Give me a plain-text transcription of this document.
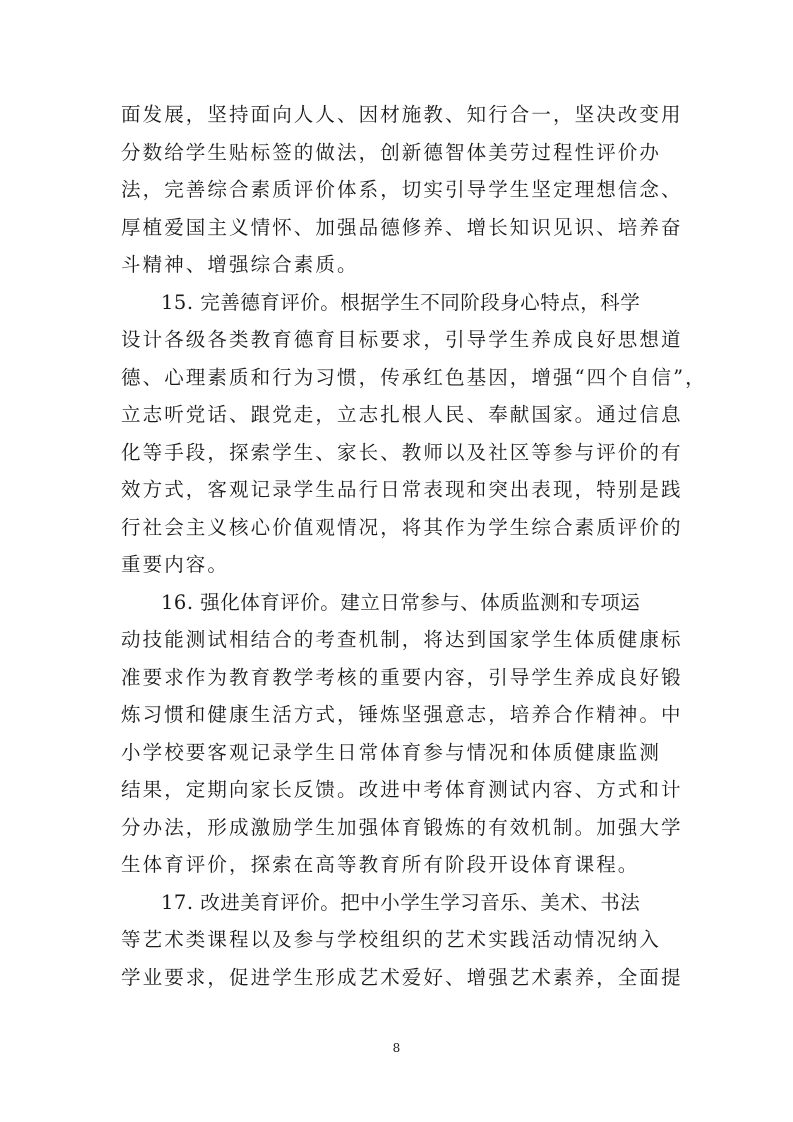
面发展，坚持面向人人、因材施教、知行合一，坚决改变用
分数给学生贴标签的做法，创新德智体美劳过程性评价办
法，完善综合素质评价体系，切实引导学生坚定理想信念、
厚植爱国主义情怀、加强品德修养、增长知识见识、培养奋
斗精神、增强综合素质。
15. 完善德育评价。根据学生不同阶段身心特点，科学
设计各级各类教育德育目标要求，引导学生养成良好思想道
德、心理素质和行为习惯，传承红色基因，增强“四个自信”，
立志听党话、跟党走，立志扎根人民、奉献国家。通过信息
化等手段，探索学生、家长、教师以及社区等参与评价的有
效方式，客观记录学生品行日常表现和突出表现，特别是践
行社会主义核心价值观情况，将其作为学生综合素质评价的
重要内容。
16. 强化体育评价。建立日常参与、体质监测和专项运
动技能测试相结合的考查机制，将达到国家学生体质健康标
准要求作为教育教学考核的重要内容，引导学生养成良好锻
炼习惯和健康生活方式，锤炼坚强意志，培养合作精神。中
小学校要客观记录学生日常体育参与情况和体质健康监测
结果，定期向家长反馈。改进中考体育测试内容、方式和计
分办法，形成激励学生加强体育锻炼的有效机制。加强大学
生体育评价，探索在高等教育所有阶段开设体育课程。
17. 改进美育评价。把中小学生学习音乐、美术、书法
等艺术类课程以及参与学校组织的艺术实践活动情况纳入
学业要求，促进学生形成艺术爱好、增强艺术素养，全面提
8
